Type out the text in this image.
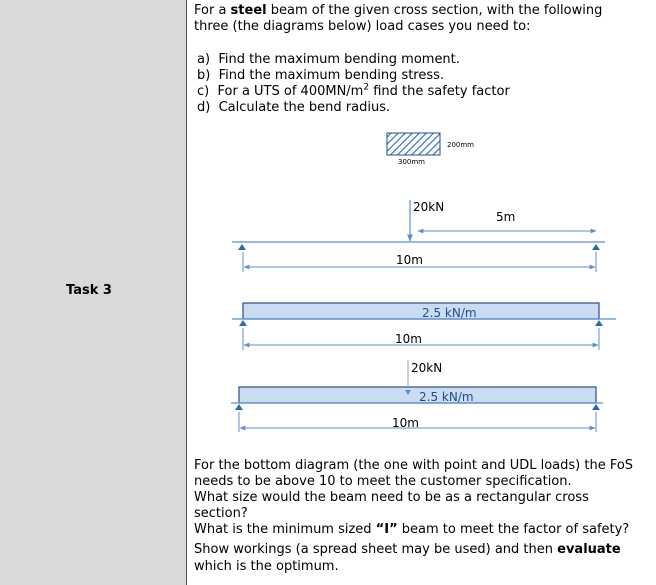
Task 3
For a steel beam of the given cross section, with the following
three (the diagrams below) load cases you need to:
a) Find the maximum bending moment.
b) Find the maximum bending stress.
c) For a UTS of $400MN/m^2$ find the safety factor
d) Calculate the bend radius.
200mm
300mm
20kN
5m
10m
2.5 kN/m
10m
20kN
2.5 kN/m
10m
For the bottom diagram (the one with point and UDL loads) the FoS
needs to be above 10 to meet the customer specification.
What size would the beam need to be as a rectangular cross
section?
What is the minimum sized “I” beam to meet the factor of safety?
Show workings (a spread sheet may be used) and then evaluate
which is the optimum.
